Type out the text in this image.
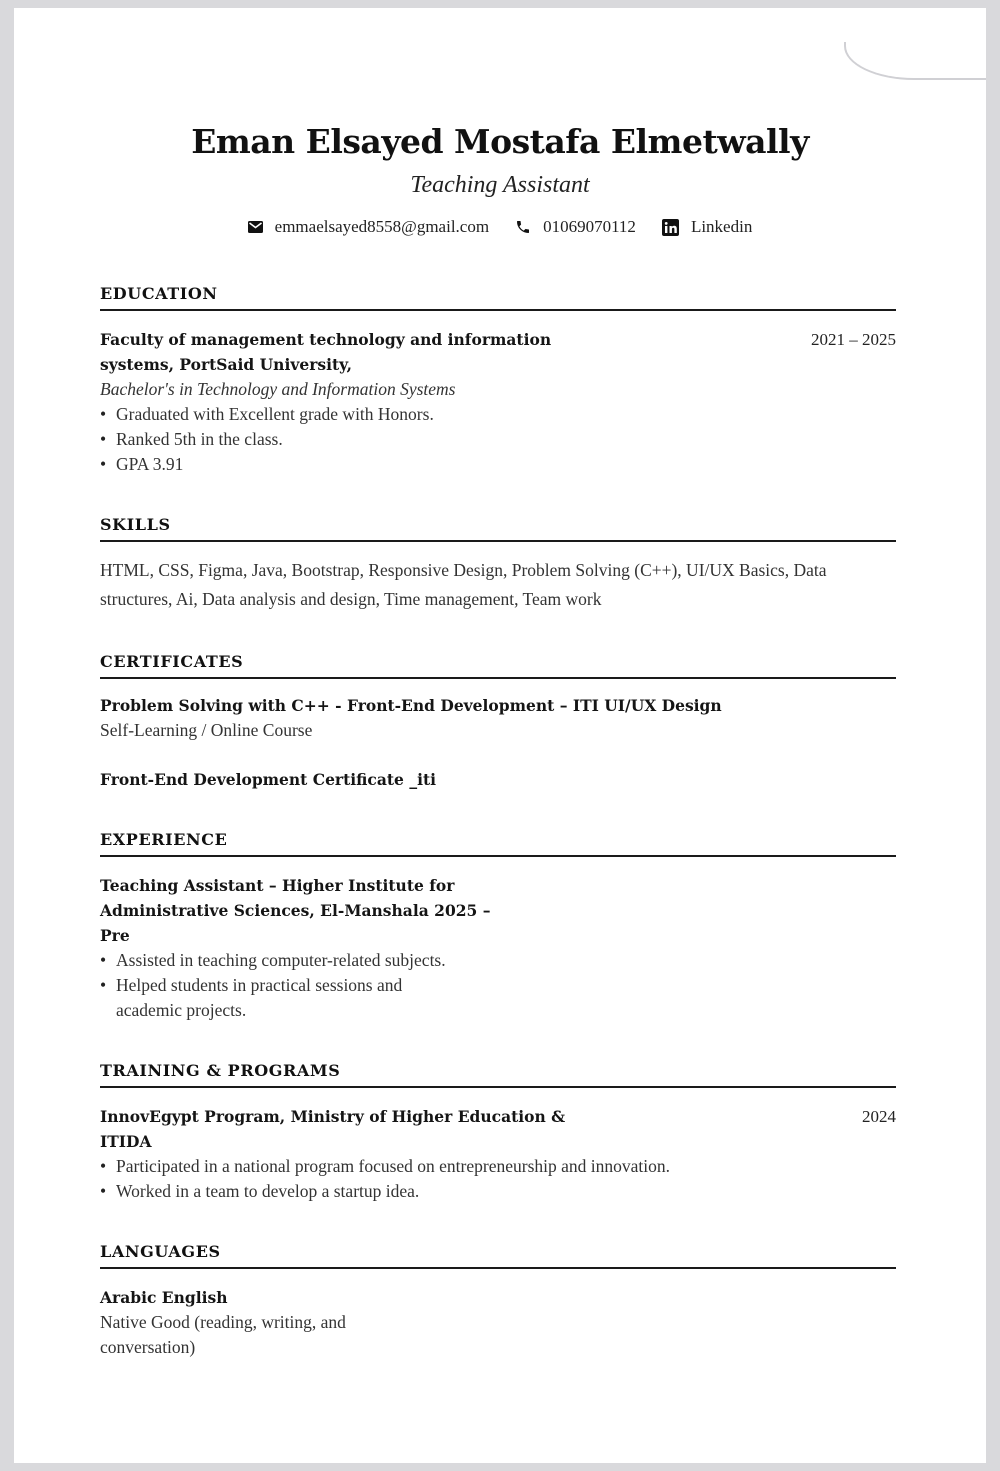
Eman Elsayed Mostafa Elmetwally
Teaching Assistant
emmaelsayed8558@gmail.com	01069070112	Linkedin
EDUCATION
Faculty of management technology and information
systems, PortSaid University,
2021 – 2025
Bachelor's in Technology and Information Systems
• Graduated with Excellent grade with Honors.
• Ranked 5th in the class.
• GPA 3.91
SKILLS
HTML, CSS, Figma, Java, Bootstrap, Responsive Design, Problem Solving (C++), UI/UX Basics, Data
structures, Ai, Data analysis and design, Time management, Team work
CERTIFICATES
Problem Solving with C++ - Front-End Development – ITI UI/UX Design
Self-Learning / Online Course
Front-End Development Certificate _iti
EXPERIENCE
Teaching Assistant – Higher Institute for
Administrative Sciences, El-Manshala 2025 –
Pre
• Assisted in teaching computer-related subjects.
• Helped students in practical sessions and
academic projects.
TRAINING & PROGRAMS
InnovEgypt Program, Ministry of Higher Education &
ITIDA
2024
• Participated in a national program focused on entrepreneurship and innovation.
• Worked in a team to develop a startup idea.
LANGUAGES
Arabic English
Native Good (reading, writing, and
conversation)
